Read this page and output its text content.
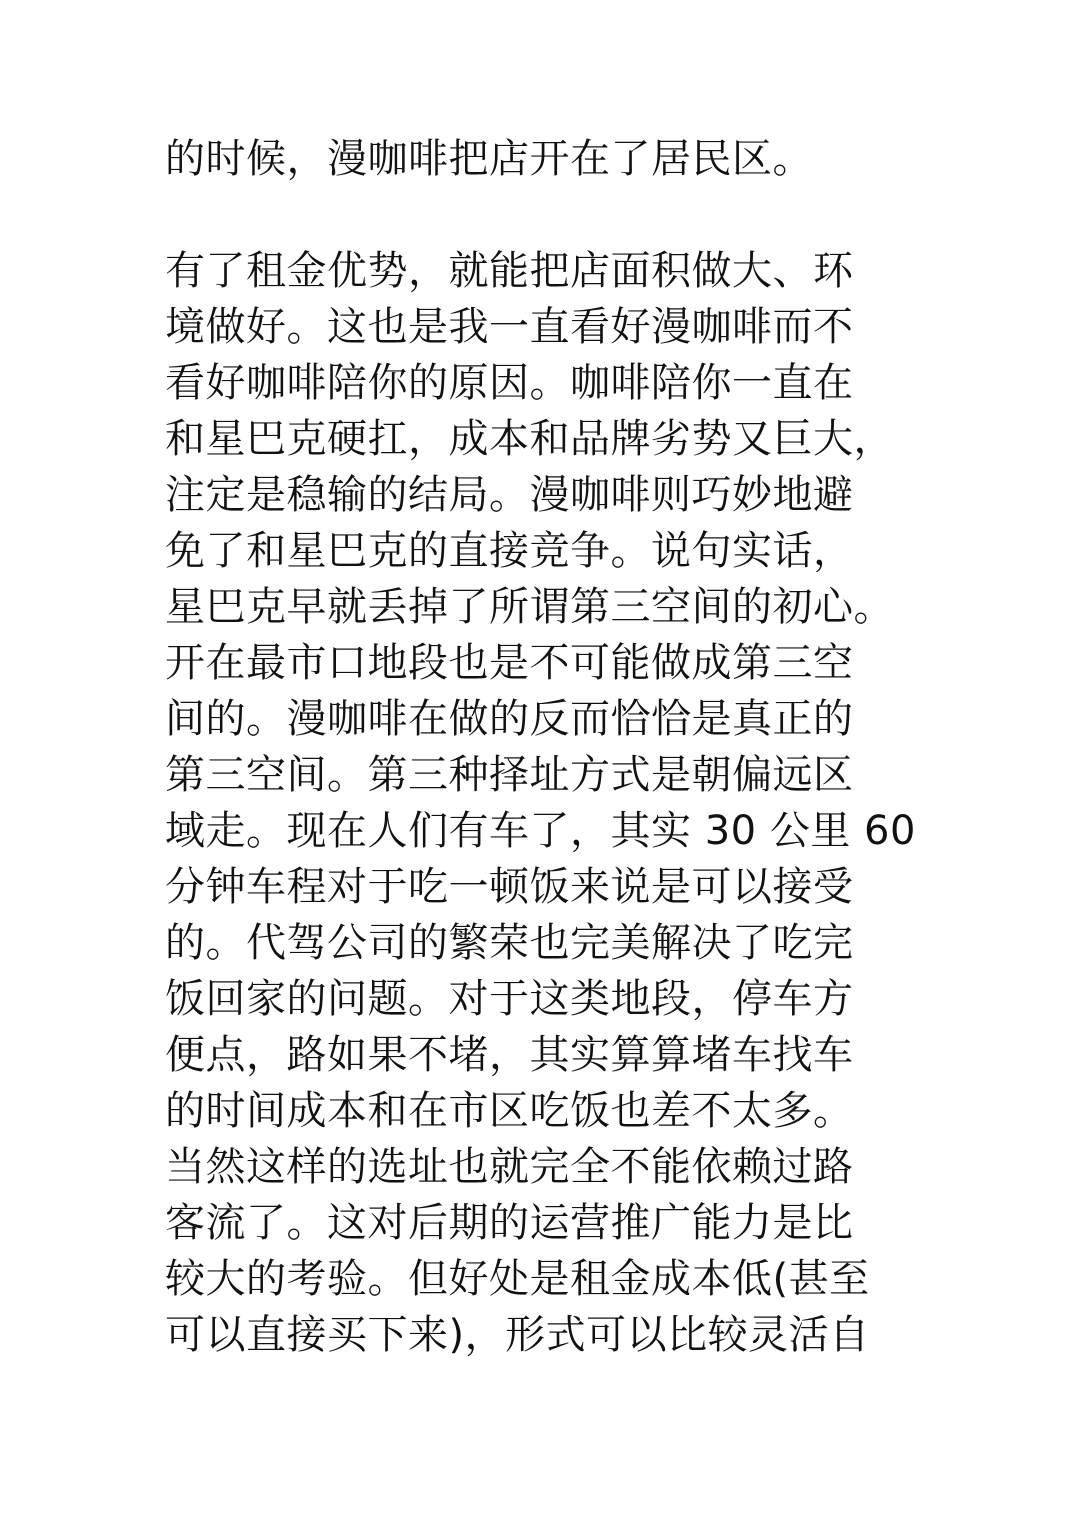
的时候，漫咖啡把店开在了居民区。
有了租金优势，就能把店面积做大、环
境做好。这也是我一直看好漫咖啡而不
看好咖啡陪你的原因。咖啡陪你一直在
和星巴克硬扛，成本和品牌劣势又巨大，
注定是稳输的结局。漫咖啡则巧妙地避
免了和星巴克的直接竞争。说句实话，
星巴克早就丢掉了所谓第三空间的初心。
开在最市口地段也是不可能做成第三空
间的。漫咖啡在做的反而恰恰是真正的
第三空间。第三种择址方式是朝偏远区
域走。现在人们有车了，其实 30 公里 60
分钟车程对于吃一顿饭来说是可以接受
的。代驾公司的繁荣也完美解决了吃完
饭回家的问题。对于这类地段，停车方
便点，路如果不堵，其实算算堵车找车
的时间成本和在市区吃饭也差不太多。
当然这样的选址也就完全不能依赖过路
客流了。这对后期的运营推广能力是比
较大的考验。但好处是租金成本低(甚至
可以直接买下来)，形式可以比较灵活自
